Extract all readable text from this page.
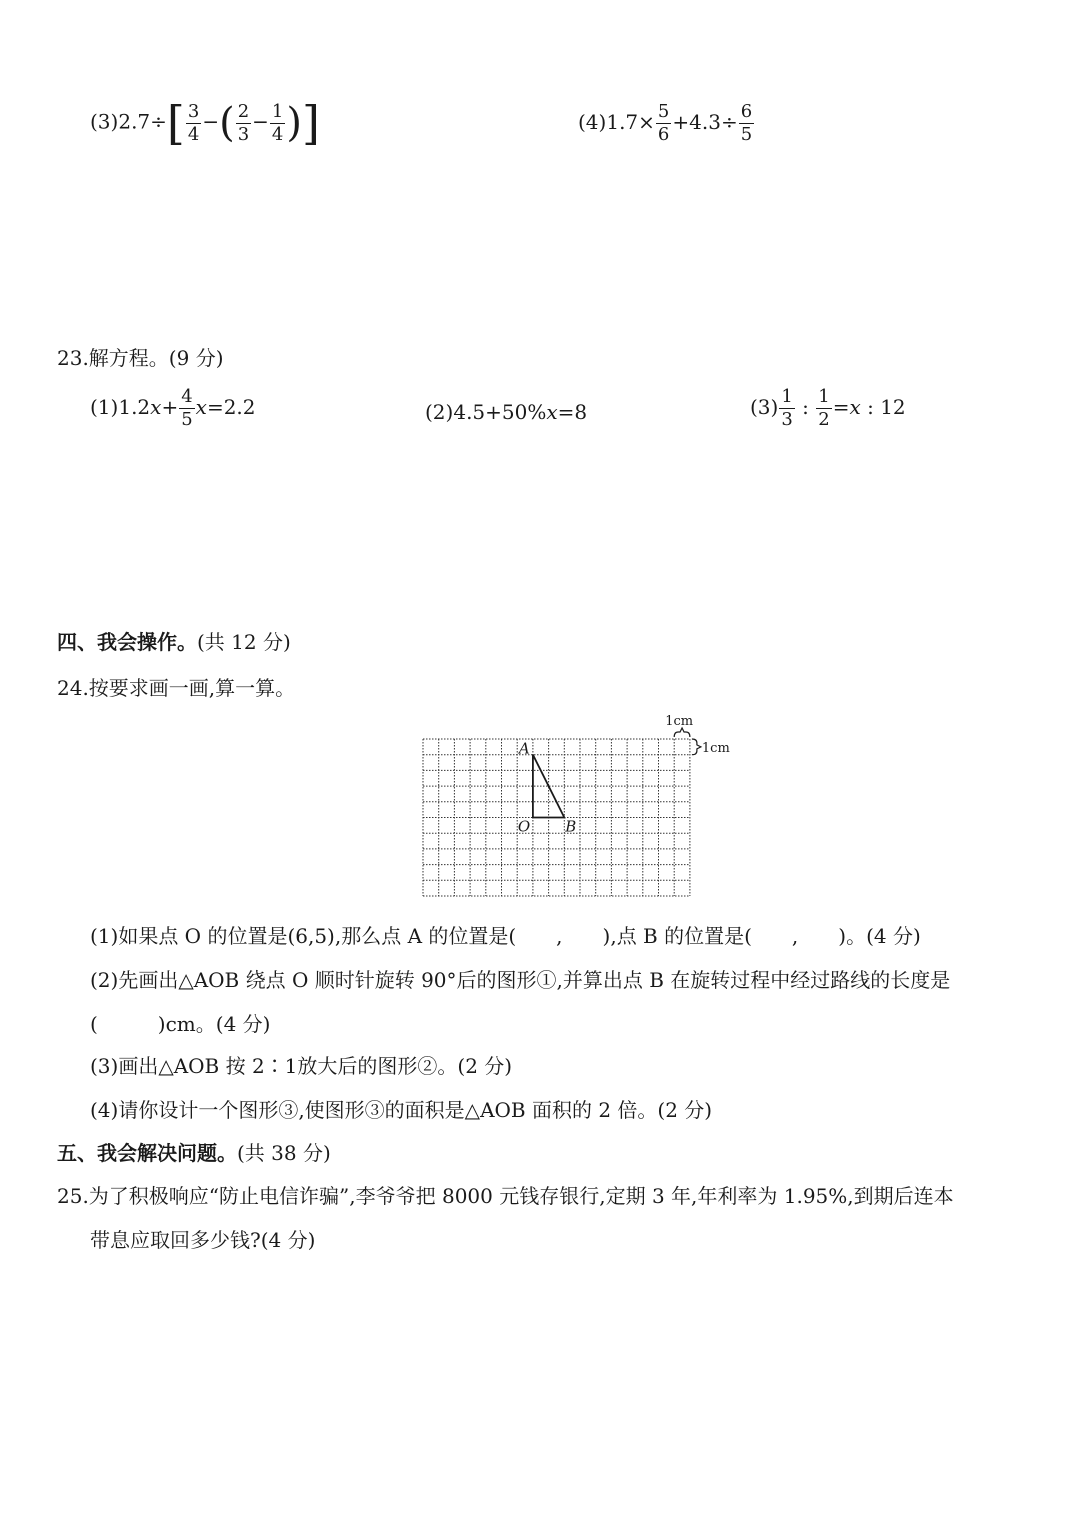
$(3)2.7\div[ \frac{3}{4}$ −( $\frac{2}{3} - \frac{1}{4}$ )]	$(4)1.7\times \frac{5}{6} +4.3\div \frac{6}{5}$
23.解方程。(9 分)
$(1)1.2x+ \frac{4}{5} x=2.2$	(2)4.5+50%x=8	$(3) \frac{1}{3}$ : $\frac{1}{2} =x$ : 12
四、我会操作。(共 12 分)
24.按要求画一画,算一算。
1cm
1cm
A
O B
(1)如果点 O 的位置是(6,5),那么点 A 的位置是(　　,　　),点 B 的位置是(　　,　　)。(4 分)
(2)先画出△AOB 绕点 O 顺时针旋转 90°后的图形①,并算出点 B 在旋转过程中经过路线的长度是
(　　　)cm。(4 分)
(3)画出△AOB 按 2∶1放大后的图形②。(2 分)
(4)请你设计一个图形③,使图形③的面积是△AOB 面积的 2 倍。(2 分)
五、我会解决问题。(共 38 分)
25.为了积极响应“防止电信诈骗”,李爷爷把 8000 元钱存银行,定期 3 年,年利率为 1.95%,到期后连本
带息应取回多少钱?(4 分)
